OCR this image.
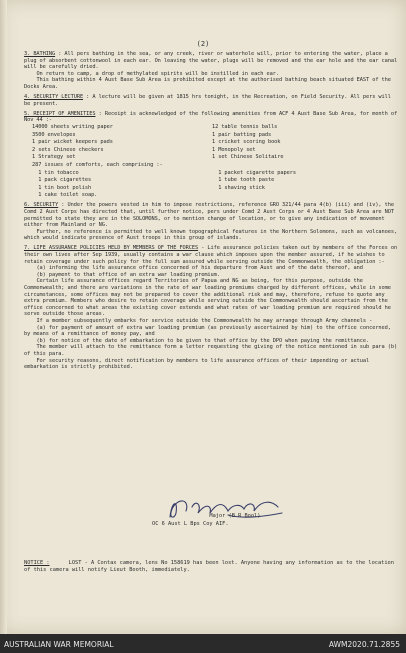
(2)

3. BATHING : All pers bathing in the sea, or any creek, river or waterhole will, prior to entering the water, place a plug of absorbent cottonwool in each ear. On leaving the water, plugs will be removed and the ear hole and the ear canal will be carefully dried.
On return to camp, a drop of methylated spirits will be instilled in each ear.
This bathing within 4 Aust Base Sub Area is prohibited except at the authorised bathing beach situated EAST of the Docks Area.

4. SECURITY LECTURE : A lecture will be given at 1815 hrs tonight, in the Recreation, on Field Security. All pers will be present.

5. RECEIPT OF AMENITIES : Receipt is acknowledged of the following amenities from ACF 4 Aust Base Sub Area, for month of Nov 44 :-

14000 sheets writing paper	12 table tennis balls
3500 envelopes	1 pair batting pads
1 pair wicket keepers pads	1 cricket scoring book
2 sets Chinese checkers	1 Monopoly set
1 Strategy set	1 set Chinese Solitaire
287 issues of comforts, each comprising :-
1 tin tobacco	1 packet cigarette papers
1 pack cigarettes	1 tube tooth paste
1 tin boot polish	1 shaving stick
1 cake toilet soap.

6. SECURITY : Under the powers vested in him to impose restrictions, reference GRO 321/44 para 4(b) (iii) and (iv), the Comd 2 Aust Corps has directed that, until further notice, pers under Comd 2 Aust Corps or 4 Aust Base Sub Area are NOT permitted to state they are in the SOLOMONS, or to mention change of location, or to give any indication of movement either from Mainland or NG.
Further, no reference is permitted to well known topographical features in the Northern Solomons, such as volcanoes, which would indicate presence of Aust troops in this group of islands.

7. LIFE ASSURANCE POLICIES HELD BY MEMBERS OF THE FORCES - Life assurance policies taken out by members of the Forces on their own lives after Sep 1939, usually contains a war clause which imposes upon the member assured, if he wishes to retain coverage under such policy for the full sum assured while serving outside the Commonwealth, the obligation :-
(a) informing the life assurance office concerned of his departure from Aust and of the date thereof, and
(b) payment to that office of an extra war loading premium.
Certain life assurance offices regard Territories of Papua and NG as being, for this purpose, outside the Commonwealth; and there are variations in the rate of war loading premiums charged by different offices, while in some circumstances, some offices may not be prepared to cover the additional risk and may, therefore, refuse to quote any extra premium. Members who desire to retain coverage while serving outside the Commonwealth should ascertain from the office concerned to what areas the existing cover extends and what rates of war loading premium are required should he serve outside those areas.
If a member subsequently embarks for service outside the Commonwealth he may arrange through Army channels -
(a) for payment of amount of extra war loading premium (as previously ascertained by him) to the office concerned, by means of a remittance of money pay, and
(b) for notice of the date of embarkation to be given to that office by the DPO when paying the remittance.
The member will attach to the remittance form a letter requesting the giving of the notice mentioned in sub para (b) of this para.
For security reasons, direct notification by members to life assurance offices of their impending or actual embarkation is strictly prohibited.

Major (B R Bool)
OC 6 Aust L Bps Coy AIF.
NOTICE :      LOST - A Contax camera, lens No 158619 has been lost. Anyone having any information as to the location of this camera will notify Lieut Booth, immediately.
AUSTRALIAN WAR MEMORIAL	AWM2020.71.2855
